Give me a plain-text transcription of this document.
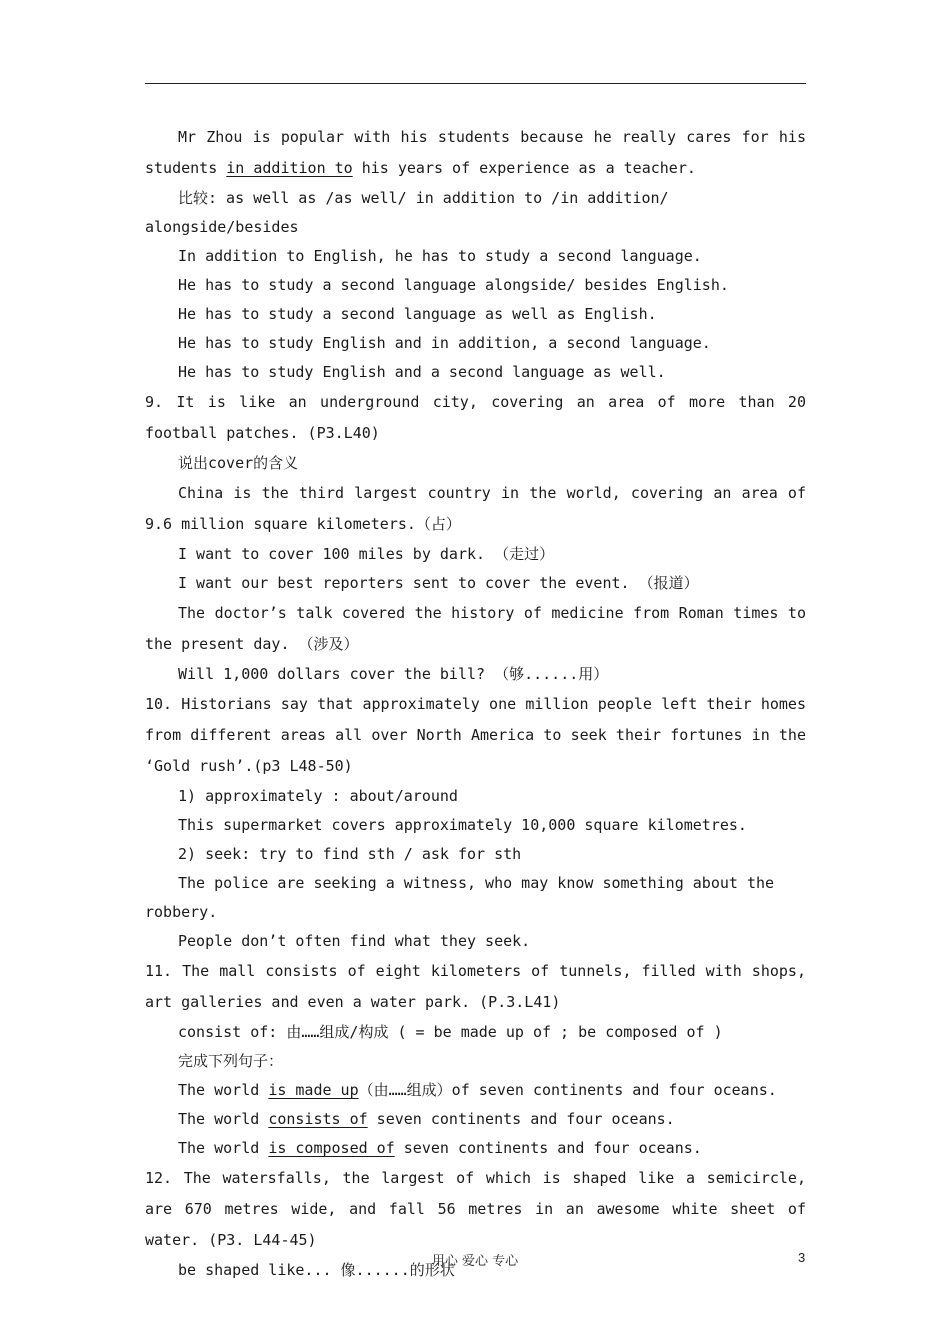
Mr Zhou is popular with his students because he really cares for his students in addition to his years of experience as a teacher.

比较: as well as /as well/ in addition to /in addition/ alongside/besides

In addition to English, he has to study a second language.

He has to study a second language alongside/ besides English.

He has to study a second language as well as English.

He has to study English and in addition, a second language.

He has to study English and a second language as well.

9. It is like an underground city, covering an area of more than 20 football patches. (P3.L40)

说出cover的含义

China is the third largest country in the world, covering an area of 9.6 million square kilometers.（占）

I want to cover 100 miles by dark. （走过）

I want our best reporters sent to cover the event. （报道）

The doctor’s talk covered the history of medicine from Roman times to the present day. （涉及）

Will 1,000 dollars cover the bill? （够......用）

10. Historians say that approximately one million people left their homes from different areas all over North America to seek their fortunes in the ‘Gold rush’.(p3 L48-50)

1) approximately : about/around

This supermarket covers approximately 10,000 square kilometres.

2) seek: try to find sth / ask for sth

The police are seeking a witness, who may know something about the robbery.

People don’t often find what they seek.

11. The mall consists of eight kilometers of tunnels, filled with shops, art galleries and even a water park. (P.3.L41)

consist of: 由……组成/构成 ( = be made up of ; be composed of )

完成下列句子：

The world is made up（由……组成）of seven continents and four oceans.

The world consists of seven continents and four oceans.

The world is composed of seven continents and four oceans.

12. The watersfalls, the largest of which is shaped like a semicircle, are 670 metres wide, and fall 56 metres in an awesome white sheet of water. (P3. L44-45)

be shaped like... 像......的形状

用心 爱心 专心	3
